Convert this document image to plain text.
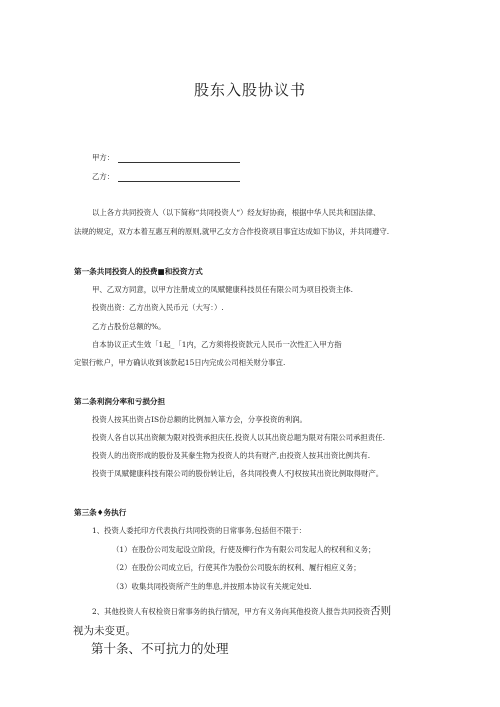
股东入股协议书
甲方：
乙方：
以上各方共同投资人（以下简称“共同投资人“）经友好协商，根据中华人民共和国法律、
法规的规定，双方本着互惠互利的原则,就甲乙女方合作投资项目事宜达成如下协议，并共同遵守.
第一条共同投资人的投费■和投资方式
甲、乙双方同意，以甲方注册成立的凤赋健康科技员任有限公司为项目投资主体.
投资出资：乙方出资入民币元（大写：）.
乙方占股份总额的%。
自本协议正式生效「1起_「1内，乙方须将投资款元人民币一次性汇入甲方指
定银行帐户，甲方确认收到该款起15日内完成公司相关财分事宜.
第二条利润分率和亏损分担
投资人按其出资占IS份总额的比例加入箪方会，分享投资的利润。
投资人各自以其出资额为限对投资承担庆任,投资人以其出资总题为限对有限公司承担责任.
投资人的出资形成的股份及其豢生物为投资人的共有财产,由投资人按其出资比例共有.
投资于凤赋健康科技有限公司的股份转让后，各共同投费人不J权按其出资比例取得财产。
第三条♦务执行
1、投资人委托印方代表执行共同投资的日常事务,包括但不限于：
（1）在股份公司发起设立阶段，行使及柳行作为有限公司发起人的权利和义务；
（2）在股份公司成立后，行使其作为股份公司股东的权利、履行相应义务；
（3）收集共同投资所产生的隼息,并按照本协议有关规定处tl.
2、其他投资人有权检资日常事务的执行情况，甲方有义务向其他投资人报告共同投资否则
视为未变更。
第十条、不可抗力的处理
